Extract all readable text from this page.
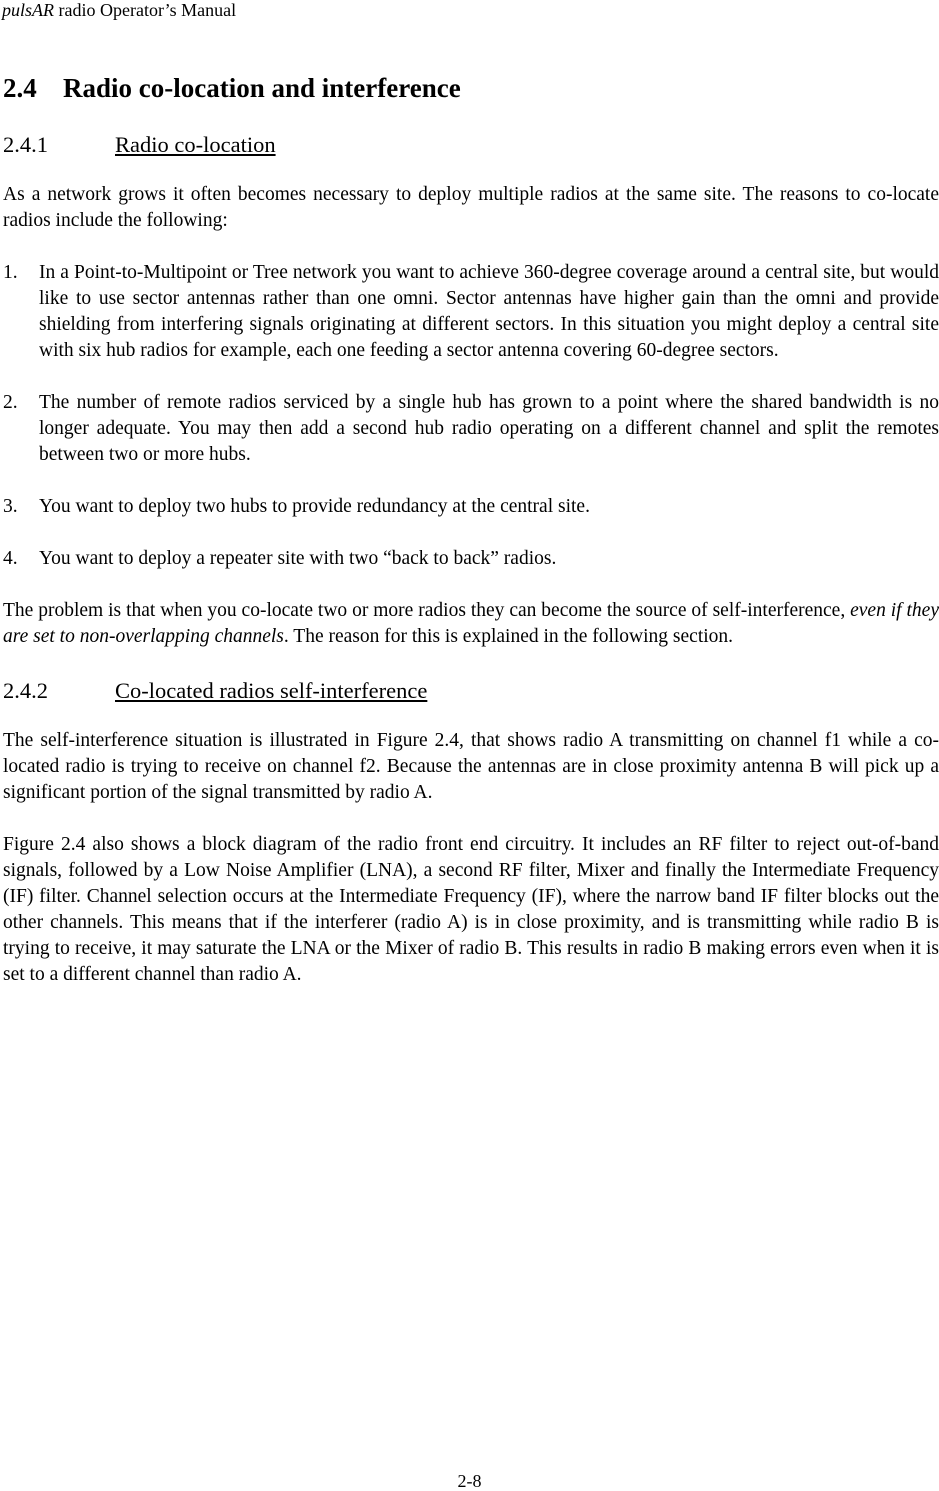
pulsAR radio Operator’s Manual
2.4 Radio co-location and interference
2.4.1	Radio co-location

As a network grows it often becomes necessary to deploy multiple radios at the same site. The reasons to co-locate radios include the following:

1. In a Point-to-Multipoint or Tree network you want to achieve 360-degree coverage around a central site, but would like to use sector antennas rather than one omni. Sector antennas have higher gain than the omni and provide shielding from interfering signals originating at different sectors. In this situation you might deploy a central site with six hub radios for example, each one feeding a sector antenna covering 60-degree sectors.
2. The number of remote radios serviced by a single hub has grown to a point where the shared bandwidth is no longer adequate. You may then add a second hub radio operating on a different channel and split the remotes between two or more hubs.
3. You want to deploy two hubs to provide redundancy at the central site.
4. You want to deploy a repeater site with two “back to back” radios.

The problem is that when you co-locate two or more radios they can become the source of self-interference, even if they are set to non-overlapping channels. The reason for this is explained in the following section.

2.4.2	Co-located radios self-interference

The self-interference situation is illustrated in Figure 2.4, that shows radio A transmitting on channel f1 while a co-located radio is trying to receive on channel f2. Because the antennas are in close proximity antenna B will pick up a significant portion of the signal transmitted by radio A.

Figure 2.4 also shows a block diagram of the radio front end circuitry. It includes an RF filter to reject out-of-band signals, followed by a Low Noise Amplifier (LNA), a second RF filter, Mixer and finally the Intermediate Frequency (IF) filter. Channel selection occurs at the Intermediate Frequency (IF), where the narrow band IF filter blocks out the other channels. This means that if the interferer (radio A) is in close proximity, and is transmitting while radio B is trying to receive, it may saturate the LNA or the Mixer of radio B. This results in radio B making errors even when it is set to a different channel than radio A.

2-8
